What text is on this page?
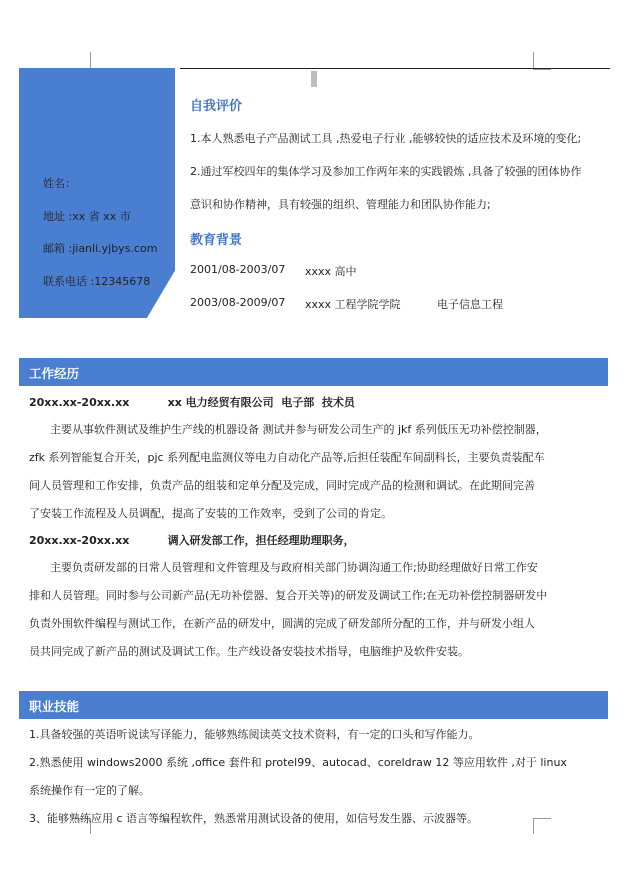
姓名：
地址 :xx 省 xx 市
邮箱 :jianli.yjbys.com
联系电话 :12345678
自我评价
1.本人熟悉电子产品测试工具 ,热爱电子行业 ,能够较快的适应技术及环境的变化;
2.通过军校四年的集体学习及参加工作两年来的实践锻炼 ,具备了较强的团体协作
意识和协作精神，具有较强的组织、管理能力和团队协作能力;
教育背景
2001/08-2003/07 xxxx 高中
2003/08-2009/07 xxxx 工程学院学院	电子信息工程
工作经历
20xx.xx-20xx.xx          xx 电力经贸有限公司  电子部  技术员
主要从事软件测试及维护生产线的机器设备 测试并参与研发公司生产的 jkf 系列低压无功补偿控制器，
zfk 系列智能复合开关，pjc 系列配电监测仪等电力自动化产品等,后担任装配车间副科长，主要负责装配车
间人员管理和工作安排，负责产品的组装和定单分配及完成，同时完成产品的检测和调试。在此期间完善
了安装工作流程及人员调配，提高了安装的工作效率，受到了公司的肯定。
20xx.xx-20xx.xx          调入研发部工作，担任经理助理职务，
主要负责研发部的日常人员管理和文件管理及与政府相关部门协调沟通工作;协助经理做好日常工作安
排和人员管理。同时参与公司新产品(无功补偿器、复合开关等)的研发及调试工作;在无功补偿控制器研发中
负责外围软件编程与测试工作，在新产品的研发中，圆满的完成了研发部所分配的工作，并与研发小组人
员共同完成了新产品的测试及调试工作。生产线设备安装技术指导，电脑维护及软件安装。
职业技能
1.具备较强的英语听说读写译能力，能够熟练阅读英文技术资料，有一定的口头和写作能力。
2.熟悉使用 windows2000 系统 ,office 套件和 protel99、autocad、coreldraw 12 等应用软件 ,对于 linux
系统操作有一定的了解。
3、能够熟练应用 c 语言等编程软件，熟悉常用测试设备的使用，如信号发生器、示波器等。
